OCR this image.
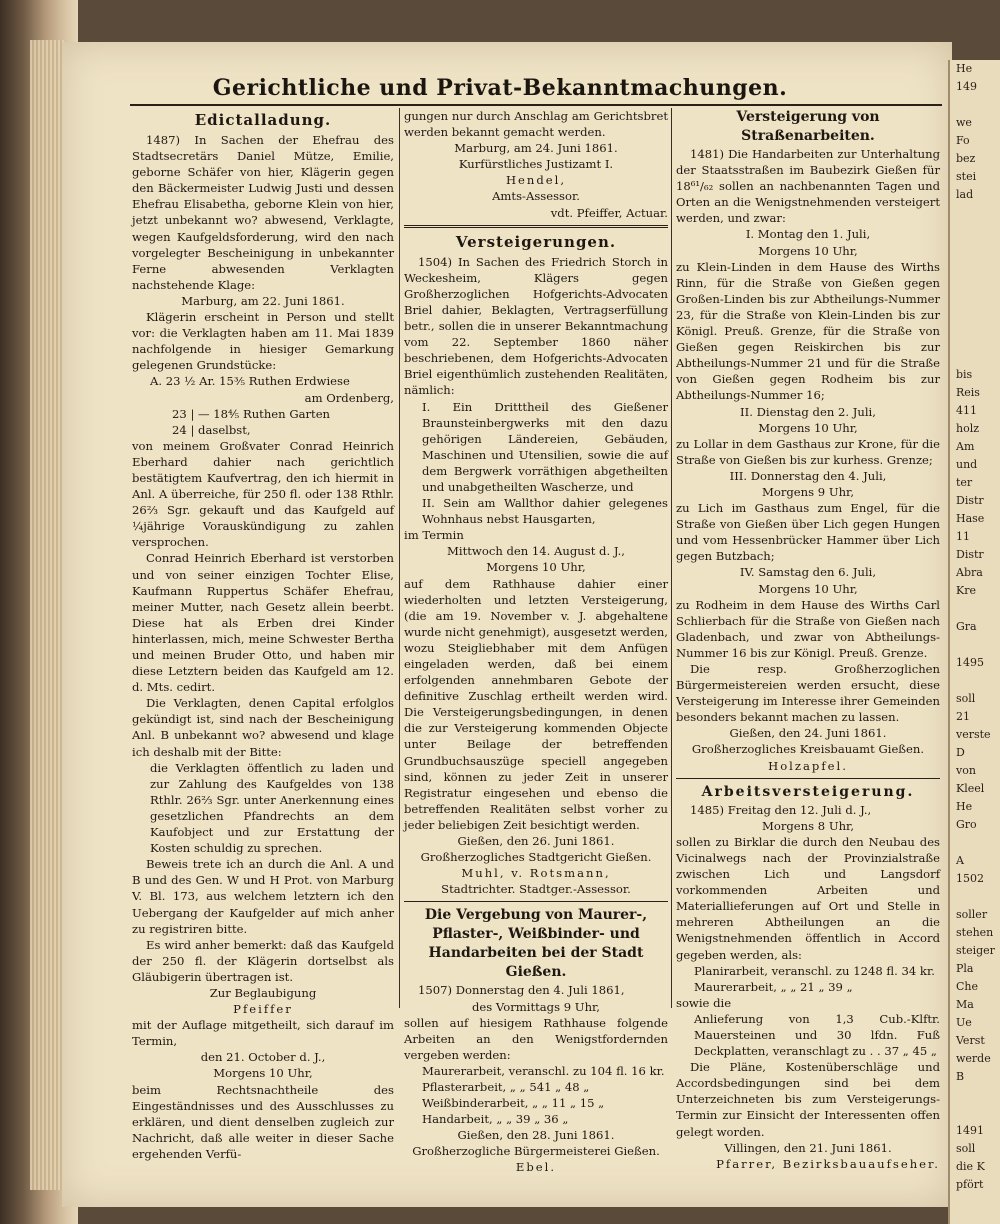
He
149

we
Fo
bez
stei
lad

bis
Reis
411
holz
Am
und
ter
Distr
Hase
11
Distr
Abra
Kre

Gra

1495

soll
21
verste
D
von
Kleel
He
Gro

A
1502

soller
stehen
steiger
Pla
Che
Ma
Ue
Verst
werde
B

1491
soll
die K
pfört
Gerichtliche und Privat-Bekanntmachungen.
Edictalladung.

1487) In Sachen der Ehefrau des Stadtsecretärs Daniel Mütze, Emilie, geborne Schäfer von hier, Klägerin gegen den Bäckermeister Ludwig Justi und dessen Ehefrau Elisabetha, geborne Klein von hier, jetzt unbekannt wo? abwesend, Verklagte, wegen Kaufgeldsforderung, wird den nach vorgelegter Bescheinigung in unbekannter Ferne abwesenden Verklagten nachstehende Klage:

Marburg, am 22. Juni 1861.

Klägerin erscheint in Person und stellt vor: die Verklagten haben am 11. Mai 1839 nachfolgende in hiesiger Gemarkung gelegenen Grundstücke:

A. 23 ½ Ar. 15⅗ Ruthen Erdwiese

am Ordenberg,

23 | — 18⅘ Ruthen Garten

24 | daselbst,

von meinem Großvater Conrad Heinrich Eberhard dahier nach gerichtlich bestätigtem Kaufvertrag, den ich hiermit in Anl. A überreiche, für 250 fl. oder 138 Rthlr. 26⅔ Sgr. gekauft und das Kaufgeld auf ¼jährige Vorauskündigung zu zahlen versprochen.

Conrad Heinrich Eberhard ist verstorben und von seiner einzigen Tochter Elise, Kaufmann Ruppertus Schäfer Ehefrau, meiner Mutter, nach Gesetz allein beerbt. Diese hat als Erben drei Kinder hinterlassen, mich, meine Schwester Bertha und meinen Bruder Otto, und haben mir diese Letztern beiden das Kaufgeld am 12. d. Mts. cedirt.

Die Verklagten, denen Capital erfolglos gekündigt ist, sind nach der Bescheinigung Anl. B unbekannt wo? abwesend und klage ich deshalb mit der Bitte:

die Verklagten öffentlich zu laden und zur Zahlung des Kaufgeldes von 138 Rthlr. 26⅔ Sgr. unter Anerkennung eines gesetzlichen Pfandrechts an dem Kaufobject und zur Erstattung der Kosten schuldig zu sprechen.

Beweis trete ich an durch die Anl. A und B und des Gen. W und H Prot. von Marburg V. Bl. 173, aus welchem letztern ich den Uebergang der Kaufgelder auf mich anher zu registriren bitte.

Es wird anher bemerkt: daß das Kaufgeld der 250 fl. der Klägerin dortselbst als Gläubigerin übertragen ist.

Zur Beglaubigung

Pfeiffer

mit der Auflage mitgetheilt, sich darauf im Termin,

den 21. October d. J.,

Morgens 10 Uhr,

beim Rechtsnachtheile des Eingeständnisses und des Ausschlusses zu erklären, und dient denselben zugleich zur Nachricht, daß alle weiter in dieser Sache ergehenden Verfü-

gungen nur durch Anschlag am Gerichtsbret werden bekannt gemacht werden.

Marburg, am 24. Juni 1861.

Kurfürstliches Justizamt I.

Hendel,

Amts-Assessor.

vdt. Pfeiffer, Actuar.

Versteigerungen.

1504) In Sachen des Friedrich Storch in Weckesheim, Klägers gegen Großherzoglichen Hofgerichts-Advocaten Briel dahier, Beklagten, Vertragserfüllung betr., sollen die in unserer Bekanntmachung vom 22. September 1860 näher beschriebenen, dem Hofgerichts-Advocaten Briel eigenthümlich zustehenden Realitäten, nämlich:

I. Ein Dritttheil des Gießener Braunsteinbergwerks mit den dazu gehörigen Ländereien, Gebäuden, Maschinen und Utensilien, sowie die auf dem Bergwerk vorräthigen abgetheilten und unabgetheilten Wascherze, und

II. Sein am Wallthor dahier gelegenes Wohnhaus nebst Hausgarten,

im Termin

Mittwoch den 14. August d. J.,

Morgens 10 Uhr,

auf dem Rathhause dahier einer wiederholten und letzten Versteigerung, (die am 19. November v. J. abgehaltene wurde nicht genehmigt), ausgesetzt werden, wozu Steigliebhaber mit dem Anfügen eingeladen werden, daß bei einem erfolgenden annehmbaren Gebote der definitive Zuschlag ertheilt werden wird. Die Versteigerungsbedingungen, in denen die zur Versteigerung kommenden Objecte unter Beilage der betreffenden Grundbuchsauszüge speciell angegeben sind, können zu jeder Zeit in unserer Registratur eingesehen und ebenso die betreffenden Realitäten selbst vorher zu jeder beliebigen Zeit besichtigt werden.

Gießen, den 26. Juni 1861.

Großherzogliches Stadtgericht Gießen.

Muhl, v. Rotsmann,

Stadtrichter. Stadtger.-Assessor.

Die Vergebung von Maurer-, Pflaster-, Weißbinder- und Handarbeiten bei der Stadt Gießen.

1507) Donnerstag den 4. Juli 1861,

des Vormittags 9 Uhr,

sollen auf hiesigem Rathhause folgende Arbeiten an den Wenigstfordernden vergeben werden:

Maurerarbeit, veranschl. zu 104 fl. 16 kr.

Pflasterarbeit, „ „ 541 „ 48 „

Weißbinderarbeit, „ „ 11 „ 15 „

Handarbeit, „ „ 39 „ 36 „

Gießen, den 28. Juni 1861.

Großherzogliche Bürgermeisterei Gießen.

Ebel.

Versteigerung von Straßenarbeiten.

1481) Die Handarbeiten zur Unterhaltung der Staatsstraßen im Baubezirk Gießen für 18⁶¹/₆₂ sollen an nachbenannten Tagen und Orten an die Wenigstnehmenden versteigert werden, und zwar:

I. Montag den 1. Juli,

Morgens 10 Uhr,

zu Klein-Linden in dem Hause des Wirths Rinn, für die Straße von Gießen gegen Großen-Linden bis zur Abtheilungs-Nummer 23, für die Straße von Klein-Linden bis zur Königl. Preuß. Grenze, für die Straße von Gießen gegen Reiskirchen bis zur Abtheilungs-Nummer 21 und für die Straße von Gießen gegen Rodheim bis zur Abtheilungs-Nummer 16;

II. Dienstag den 2. Juli,

Morgens 10 Uhr,

zu Lollar in dem Gasthaus zur Krone, für die Straße von Gießen bis zur kurhess. Grenze;

III. Donnerstag den 4. Juli,

Morgens 9 Uhr,

zu Lich im Gasthaus zum Engel, für die Straße von Gießen über Lich gegen Hungen und vom Hessenbrücker Hammer über Lich gegen Butzbach;

IV. Samstag den 6. Juli,

Morgens 10 Uhr,

zu Rodheim in dem Hause des Wirths Carl Schlierbach für die Straße von Gießen nach Gladenbach, und zwar von Abtheilungs-Nummer 16 bis zur Königl. Preuß. Grenze.

Die resp. Großherzoglichen Bürgermeistereien werden ersucht, diese Versteigerung im Interesse ihrer Gemeinden besonders bekannt machen zu lassen.

Gießen, den 24. Juni 1861.

Großherzogliches Kreisbauamt Gießen.

Holzapfel.

Arbeitsversteigerung.

1485) Freitag den 12. Juli d. J.,

Morgens 8 Uhr,

sollen zu Birklar die durch den Neubau des Vicinalwegs nach der Provinzialstraße zwischen Lich und Langsdorf vorkommenden Arbeiten und Materiallieferungen auf Ort und Stelle in mehreren Abtheilungen an die Wenigstnehmenden öffentlich in Accord gegeben werden, als:

Planirarbeit, veranschl. zu 1248 fl. 34 kr.

Maurerarbeit, „ „ 21 „ 39 „

sowie die

Anlieferung von 1,3 Cub.-Klftr. Mauersteinen und 30 lfdn. Fuß Deckplatten, veranschlagt zu . . 37 „ 45 „

Die Pläne, Kostenüberschläge und Accordsbedingungen sind bei dem Unterzeichneten bis zum Versteigerungs-Termin zur Einsicht der Interessenten offen gelegt worden.

Villingen, den 21. Juni 1861.

Pfarrer, Bezirksbauaufseher.
